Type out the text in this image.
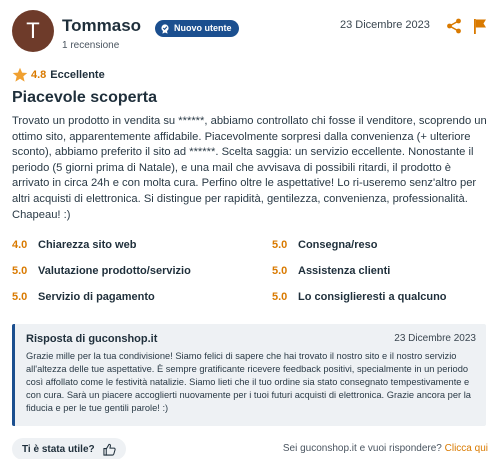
T	Tommaso	Nuovo utente
1 recensione
23 Dicembre 2023
4.8 Eccellente
Piacevole scoperta
Trovato un prodotto in vendita su ******, abbiamo controllato chi fosse il venditore, scoprendo un ottimo sito, apparentemente affidabile. Piacevolmente sorpresi dalla convenienza (+ ulteriore sconto), abbiamo preferito il sito ad ******. Scelta saggia: un servizio eccellente. Nonostante il periodo (5 giorni prima di Natale), e una mail che avvisava di possibili ritardi, il prodotto è arrivato in circa 24h e con molta cura. Perfino oltre le aspettative! Lo ri-useremo senz'altro per altri acquisti di elettronica. Si distingue per rapidità, gentilezza, convenienza, professionalità. Chapeau! :)
4.0 Chiarezza sito web	5.0 Consegna/reso
5.0 Valutazione prodotto/servizio	5.0 Assistenza clienti
5.0 Servizio di pagamento	5.0 Lo consiglieresti a qualcuno
Risposta di guconshop.it	23 Dicembre 2023
Grazie mille per la tua condivisione! Siamo felici di sapere che hai trovato il nostro sito e il nostro servizio all'altezza delle tue aspettative. È sempre gratificante ricevere feedback positivi, specialmente in un periodo così affollato come le festività natalizie. Siamo lieti che il tuo ordine sia stato consegnato tempestivamente e con cura. Sarà un piacere accoglierti nuovamente per i tuoi futuri acquisti di elettronica. Grazie ancora per la fiducia e per le tue gentili parole! :)
Ti è stata utile?	Sei guconshop.it e vuoi rispondere? Clicca qui
